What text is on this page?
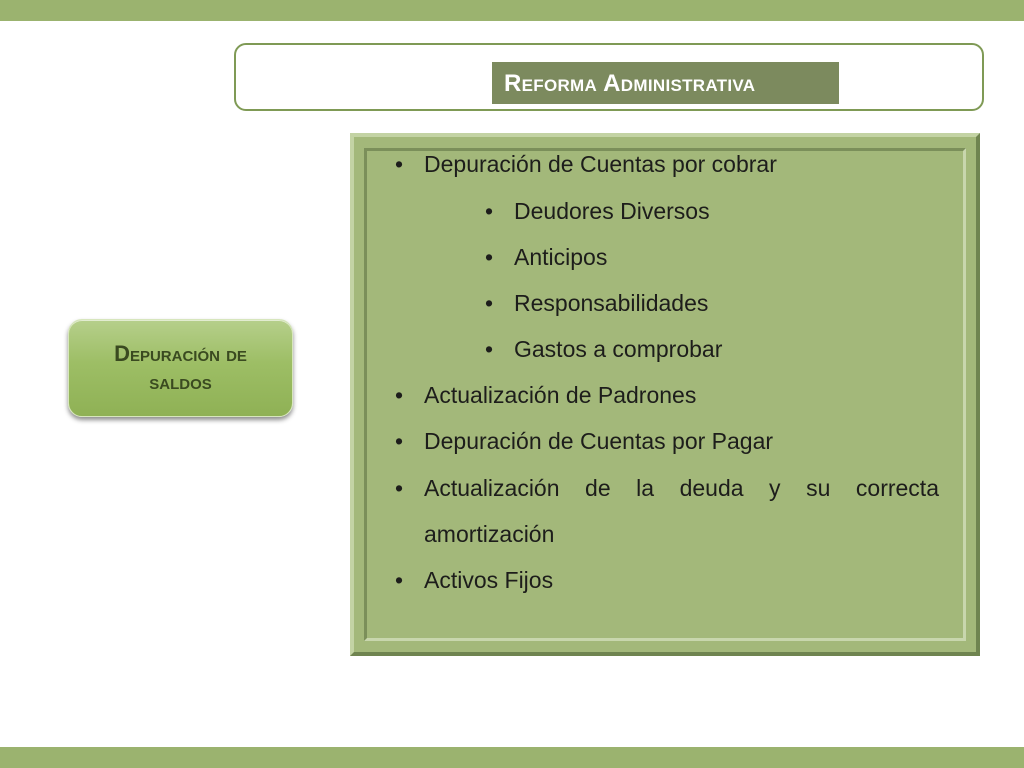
Reforma Administrativa
Depuración de
saldos
• Depuración de Cuentas por cobrar
• Deudores Diversos
• Anticipos
• Responsabilidades
• Gastos a comprobar
• Actualización de Padrones
• Depuración de Cuentas por Pagar
• Actualización de la deuda y su correcta amortización
• Activos Fijos
